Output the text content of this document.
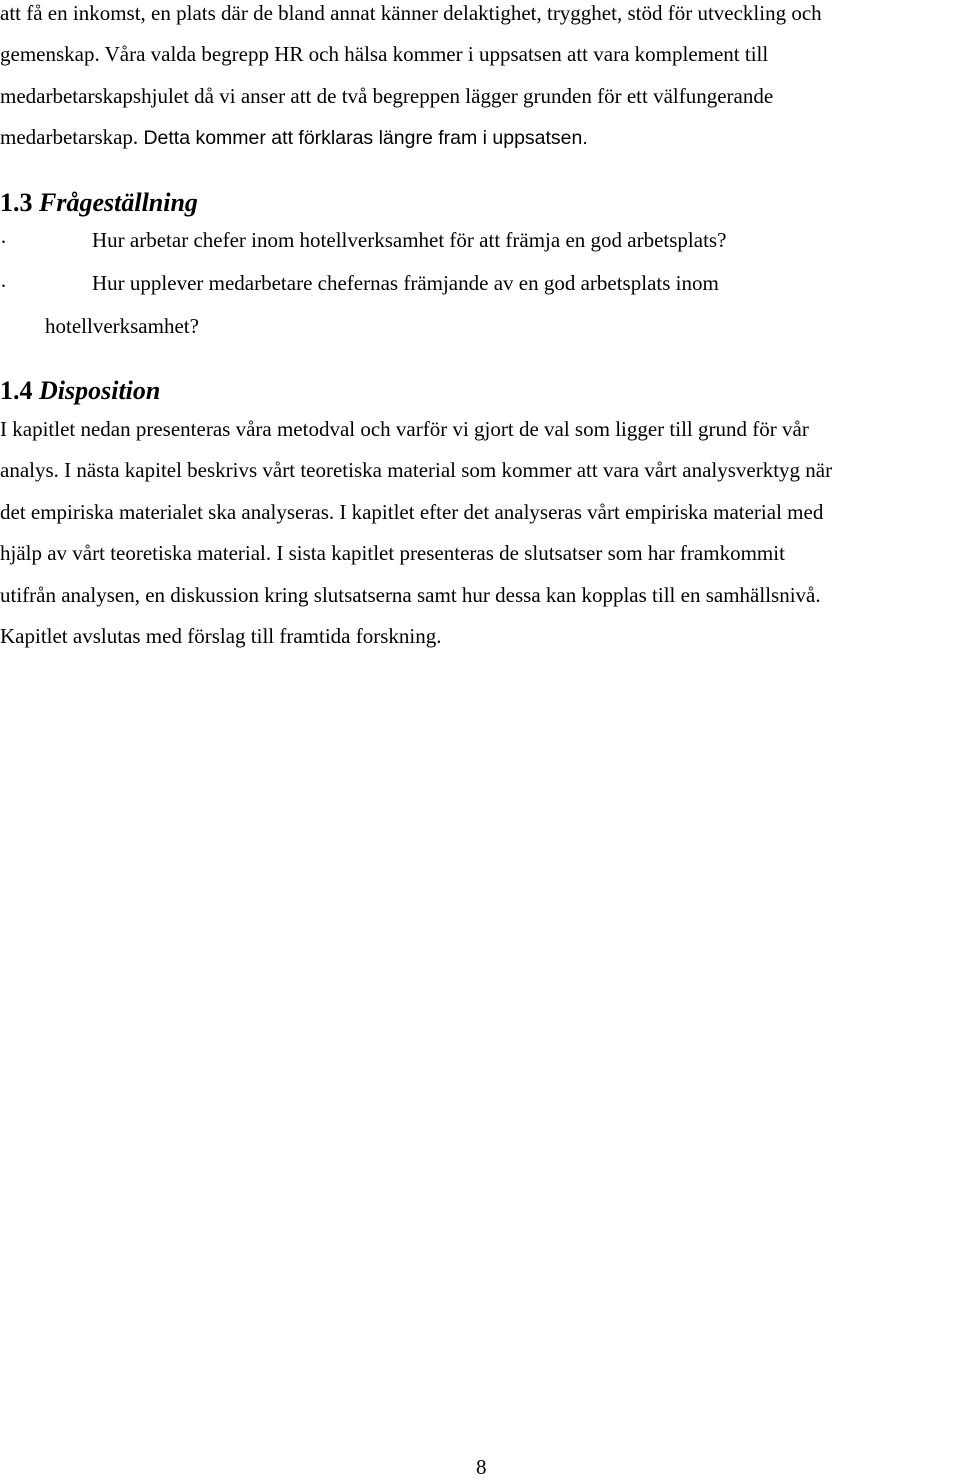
att få en inkomst, en plats där de bland annat känner delaktighet, trygghet, stöd för utveckling och
gemenskap. Våra valda begrepp HR och hälsa kommer i uppsatsen att vara komplement till
medarbetarskapshjulet då vi anser att de två begreppen lägger grunden för ett välfungerande
medarbetarskap. Detta kommer att förklaras längre fram i uppsatsen.
1.3 Frågeställning
·	Hur arbetar chefer inom hotellverksamhet för att främja en god arbetsplats?
·	Hur upplever medarbetare chefernas främjande av en god arbetsplats inom
hotellverksamhet?
1.4 Disposition
I kapitlet nedan presenteras våra metodval och varför vi gjort de val som ligger till grund för vår
analys. I nästa kapitel beskrivs vårt teoretiska material som kommer att vara vårt analysverktyg när
det empiriska materialet ska analyseras. I kapitlet efter det analyseras vårt empiriska material med
hjälp av vårt teoretiska material. I sista kapitlet presenteras de slutsatser som har framkommit
utifrån analysen, en diskussion kring slutsatserna samt hur dessa kan kopplas till en samhällsnivå.
Kapitlet avslutas med förslag till framtida forskning.
8
